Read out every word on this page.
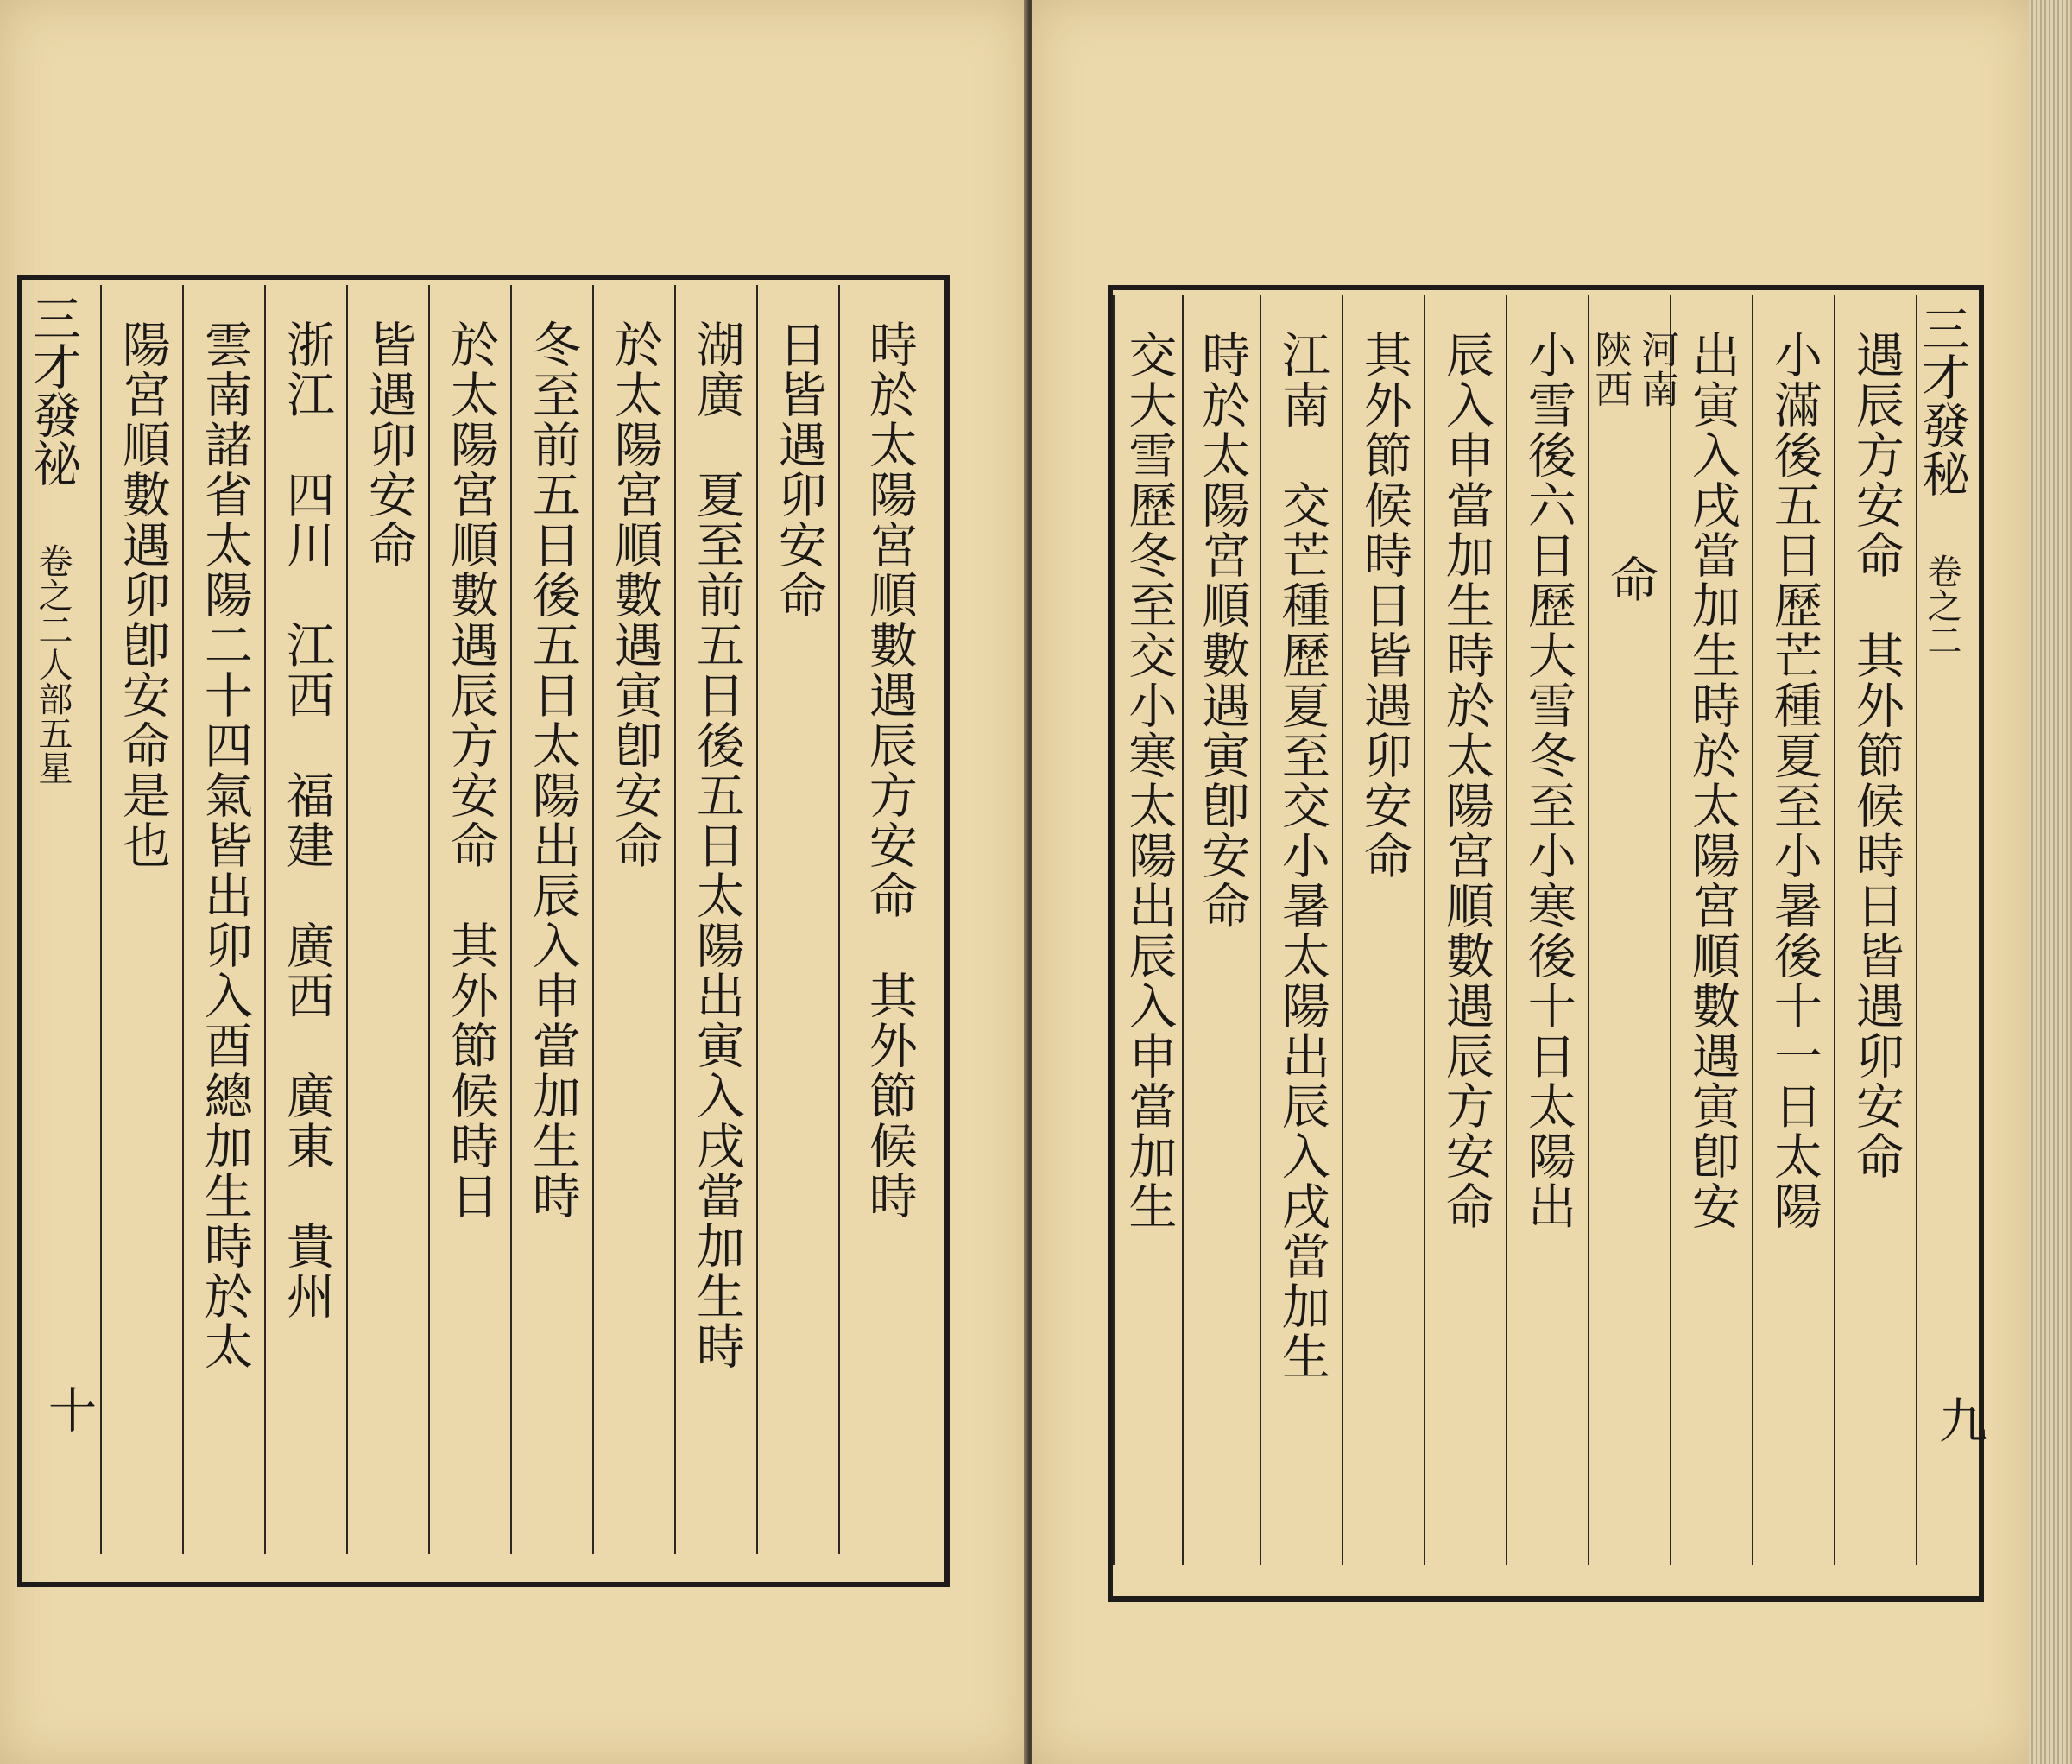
時於太陽宮順數遇辰方安命　其外節候時
日皆遇卯安命
湖廣　夏至前五日後五日太陽出寅入戌當加生時
於太陽宮順數遇寅卽安命
冬至前五日後五日太陽出辰入申當加生時
於太陽宮順數遇辰方安命　其外節候時日
皆遇卯安命
浙江　四川　江西　福建　廣西　廣東　貴州
雲南諸省太陽二十四氣皆出卯入酉總加生時於太
陽宮順數遇卯卽安命是也
三才發祕 卷之二人部五星
十
三才發秘 卷之二
九
遇辰方安命　其外節候時日皆遇卯安命
小滿後五日歷芒種夏至小暑後十一日太陽
出寅入戌當加生時於太陽宮順數遇寅卽安
河南
陝西
命
小雪後六日歷大雪冬至小寒後十日太陽出
辰入申當加生時於太陽宮順數遇辰方安命
其外節候時日皆遇卯安命
江南　交芒種歷夏至交小暑太陽出辰入戌當加生
時於太陽宮順數遇寅卽安命
交大雪歷冬至交小寒太陽出辰入申當加生
